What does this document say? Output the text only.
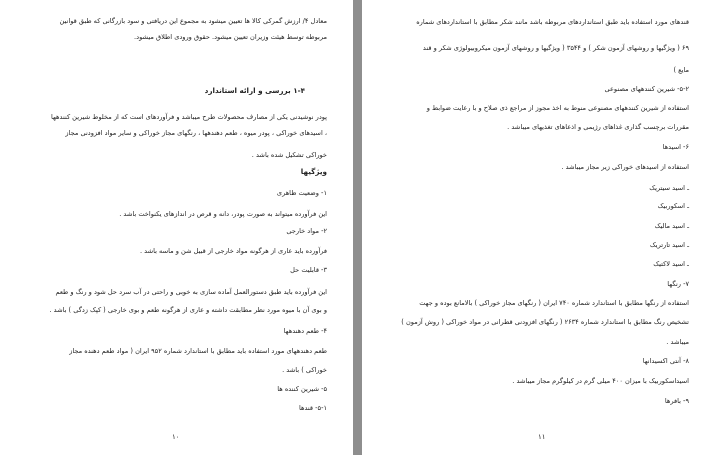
معادل ۴/ ارزش گمرکی کالا ها تعیین میشود به مجموع این دریافتی و سود بازرگانی که طبق قوانین
مربوطه توسط هیئت وزیران تعیین میشود. حقوق ورودی اطلاق میشود.
۱-۴ بررسی و ارائه استاندارد
پودر نوشیدنی یکی از مصارف محصولات طرح میباشد و فرآوردهای است که از مخلوط شیرین کنندهها
، اسیدهای خوراکی ، پودر میوه ، طعم دهندهها ، رنگهای مجاز خوراکی و سایر مواد افزودنی مجاز
خوراکی تشکیل شده باشد .
ویژگیها
۱- وضعیت ظاهری
این فرآورده میتواند به صورت پودر، دانه و قرص در اندازهای یکنواخت باشد .
۲- مواد خارجی
فرآورده باید عاری از هرگونه مواد خارجی از قبیل شن و ماسه باشد .
۳- قابلیت حل
این فرآورده باید طبق دستورالعمل آماده سازی به خوبی و راحتی در آب سرد حل شود و رنگ و طعم
و بوی آن با میوه مورد نظر مطابقت داشته و عاری از هرگونه طعم و بوی خارجی ( کپک زدگی ) باشد .
۴- طعم دهندهها
طعم دهندههای مورد استفاده باید مطابق با استاندارد شماره ۹۵۲ ایران ( مواد طعم دهنده مجاز
خوراکی ) باشد .
۵- شیرین کننده ها
۵-۱- قندها
۱۰
قندهای مورد استفاده باید طبق استانداردهای مربوطه باشد مانند شکر مطابق با استانداردهای شماره
۶۹ ( ویژگیها و روشهای آزمون شکر ) و ۳۵۴۴ ( ویژگیها و روشهای آزمون میکروبیولوژی شکر و قند
مایع )
۵-۲- شیرین کنندههای مصنوعی
استفاده از شیرین کنندههای مصنوعی منوط به اخذ مجوز از مراجع ذی صلاح و با رعایت ضوابط و
مقررات برچسب گذاری غذاهای رژیمی و اذعاهای تغذیهای میباشد .
۶- اسیدها
استفاده از اسیدهای خوراکی زیر مجاز میباشد .
ـ اسید سیتریک
ـ اسکوربیک
ـ اسید مالیک
ـ اسید تارتریک
ـ اسید لاکتیک
۷- رنگها
استفاده از رنگها مطابق با استاندارد شماره ۷۴۰ ایران ( رنگهای مجاز خوراکی ) بالامانع بوده و جهت
تشخیص رنگ مطابق با استاندارد شماره ۲۶۳۴ ( رنگهای افزودنی قطرانی در مواد خوراکی ( روش آزمون )
میباشد .
۸- آنتی اکسیدانها
اسیداسکوربیک با میزان ۴۰۰ میلی گرم در کیلوگرم مجاز میباشد .
۹- بافرها
۱۱
